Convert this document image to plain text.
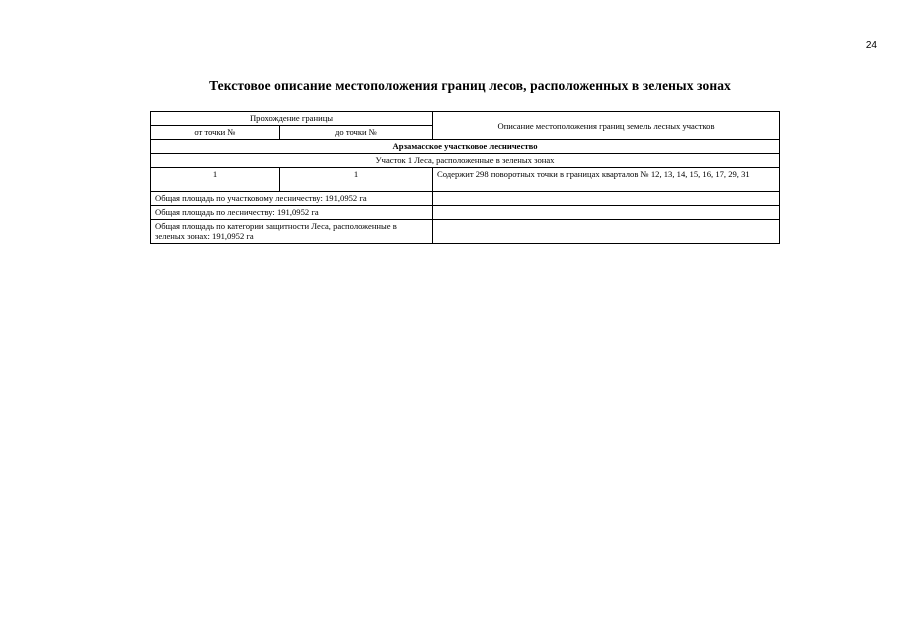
24
Текстовое описание местоположения границ лесов, расположенных в зеленых зонах
Прохождение границы		Описание местоположения границ земель лесных участков
от точки №	до точки №	
Арзамасское участковое лесничество		
Участок 1 Леса, расположенные в зеленых зонах		
1	1	Содержит 298 поворотных точки в границах кварталов № 12, 13, 14, 15, 16, 17, 29, 31
Общая площадь по участковому лесничеству: 191,0952 га		
Общая площадь по лесничеству: 191,0952 га		
Общая площадь по категории защитности Леса, расположенные в зеленых зонах: 191,0952 га		
